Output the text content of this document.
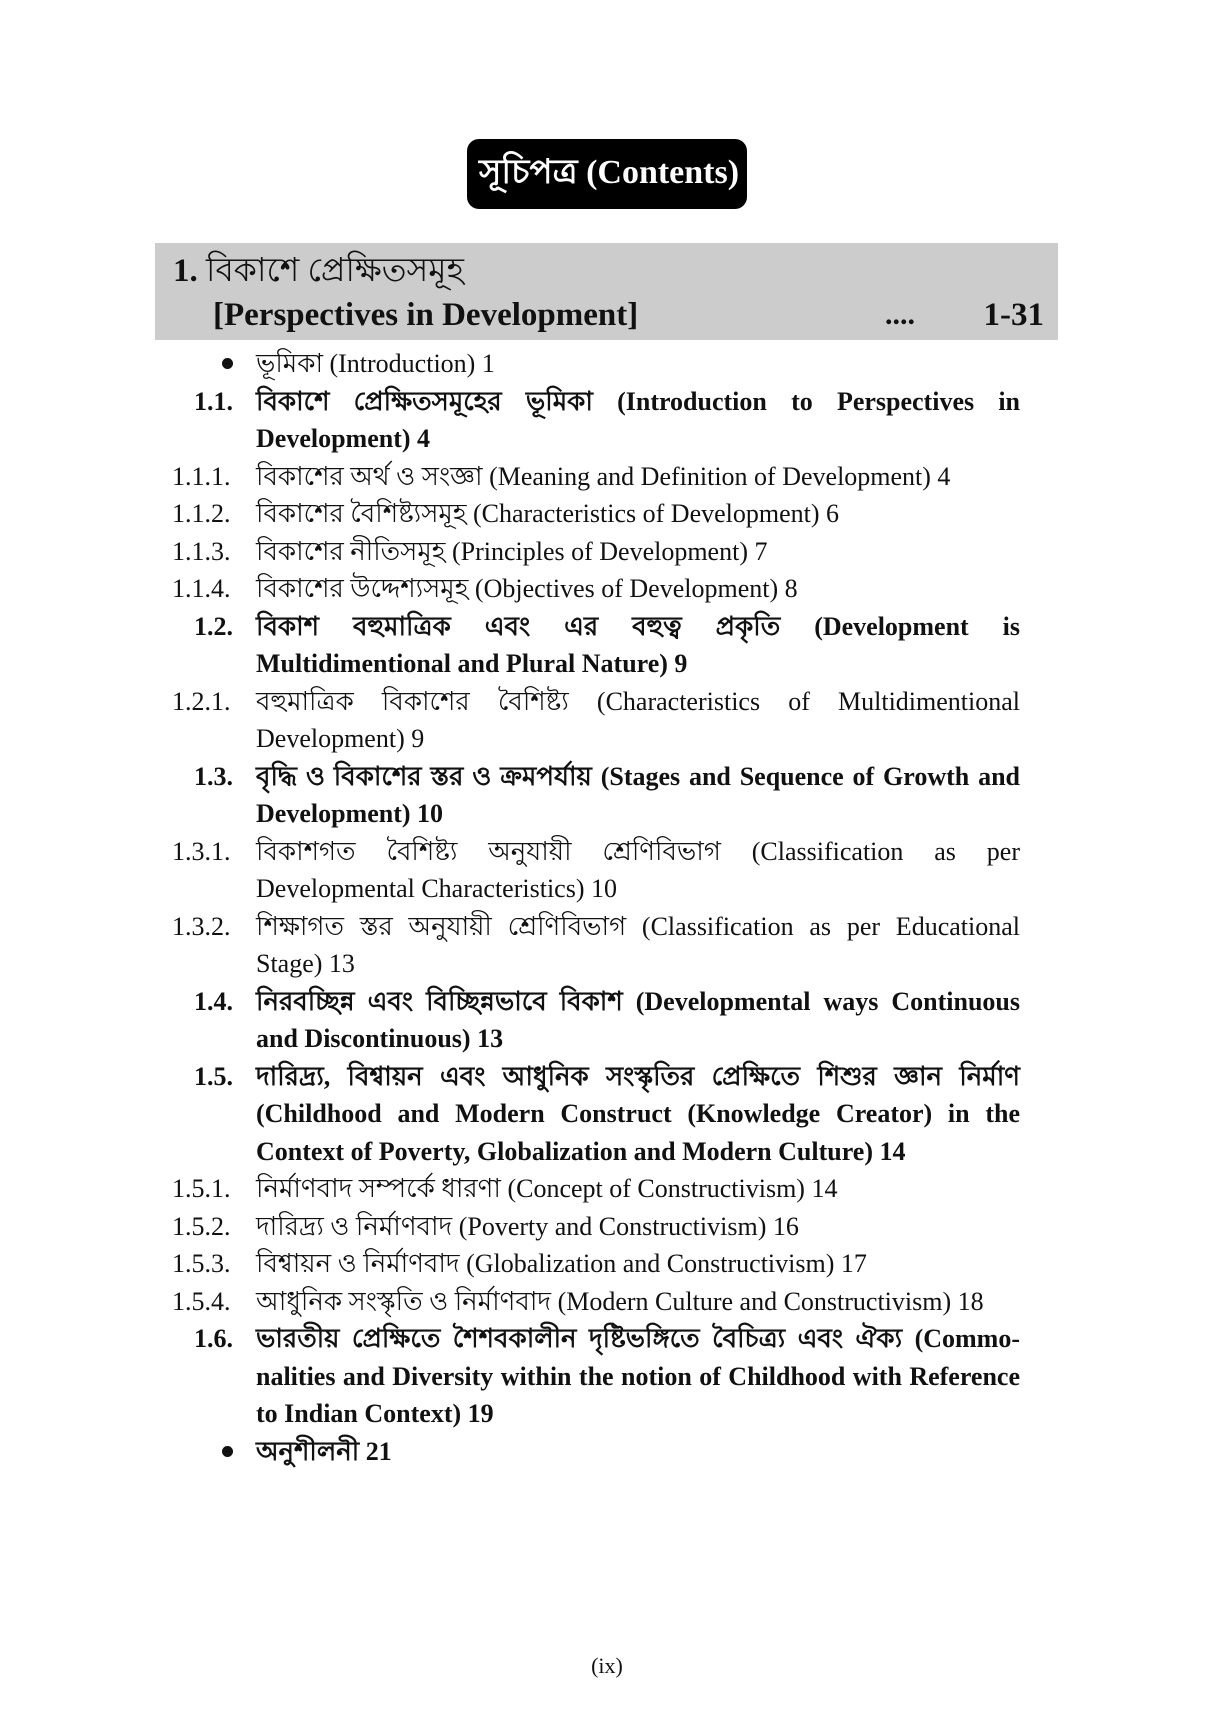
সূচিপত্র (Contents)
1. বিকাশে প্রেক্ষিতসমূহ
[Perspectives in Development]	.... 1-31
ভূমিকা (Introduction) 1
1.1. বিকাশে প্রেক্ষিতসমূহের ভূমিকা (Introduction to Perspectives in Development) 4
1.1.1. বিকাশের অর্থ ও সংজ্ঞা (Meaning and Definition of Development) 4
1.1.2. বিকাশের বৈশিষ্ট্যসমূহ (Characteristics of Development) 6
1.1.3. বিকাশের নীতিসমূহ (Principles of Development) 7
1.1.4. বিকাশের উদ্দেশ্যসমূহ (Objectives of Development) 8
1.2. বিকাশ বহুমাত্রিক এবং এর বহুত্ব প্রকৃতি (Development is Multidimentional and Plural Nature) 9
1.2.1. বহুমাত্রিক বিকাশের বৈশিষ্ট্য (Characteristics of Multidimentional Development) 9
1.3. বৃদ্ধি ও বিকাশের স্তর ও ক্রমপর্যায় (Stages and Sequence of Growth and Development) 10
1.3.1. বিকাশগত বৈশিষ্ট্য অনুযায়ী শ্রেণিবিভাগ (Classification as per Developmental Characteristics) 10
1.3.2. শিক্ষাগত স্তর অনুযায়ী শ্রেণিবিভাগ (Classification as per Educational Stage) 13
1.4. নিরবচ্ছিন্ন এবং বিচ্ছিন্নভাবে বিকাশ (Developmental ways Continuous and Discontinuous) 13
1.5. দারিদ্র্য, বিশ্বায়ন এবং আধুনিক সংস্কৃতির প্রেক্ষিতে শিশুর জ্ঞান নির্মাণ (Childhood and Modern Construct (Knowledge Creator) in the Context of Poverty, Globalization and Modern Culture) 14
1.5.1. নির্মাণবাদ সম্পর্কে ধারণা (Concept of Constructivism) 14
1.5.2. দারিদ্র্য ও নির্মাণবাদ (Poverty and Constructivism) 16
1.5.3. বিশ্বায়ন ও নির্মাণবাদ (Globalization and Constructivism) 17
1.5.4. আধুনিক সংস্কৃতি ও নির্মাণবাদ (Modern Culture and Constructivism) 18
1.6. ভারতীয় প্রেক্ষিতে শৈশবকালীন দৃষ্টিভঙ্গিতে বৈচিত্র্য এবং ঐক্য (Commo-nalities and Diversity within the notion of Childhood with Reference to Indian Context) 19
অনুশীলনী 21
(ix)
